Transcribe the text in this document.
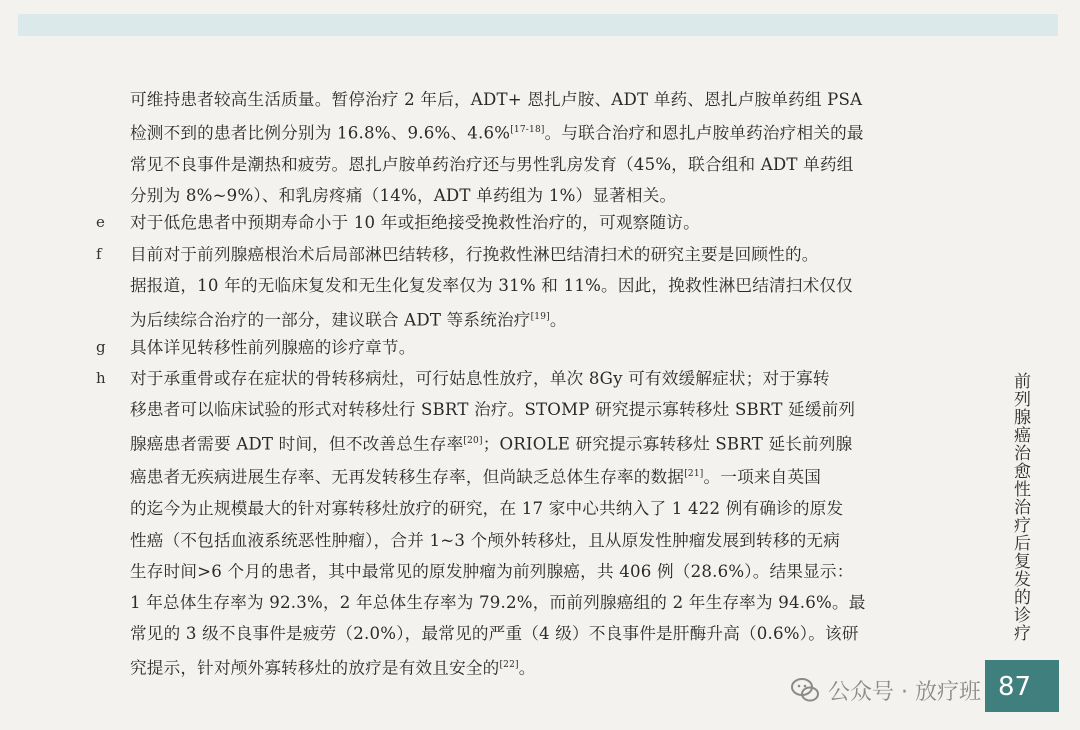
可维持患者较高生活质量。暂停治疗 2 年后，ADT+ 恩扎卢胺、ADT 单药、恩扎卢胺单药组 PSA
检测不到的患者比例分别为 16.8%、9.6%、4.6%[17-18]。与联合治疗和恩扎卢胺单药治疗相关的最
常见不良事件是潮热和疲劳。恩扎卢胺单药治疗还与男性乳房发育（45%，联合组和 ADT 单药组
分别为 8%~9%）、和乳房疼痛（14%，ADT 单药组为 1%）显著相关。
e	对于低危患者中预期寿命小于 10 年或拒绝接受挽救性治疗的，可观察随访。
f	目前对于前列腺癌根治术后局部淋巴结转移，行挽救性淋巴结清扫术的研究主要是回顾性的。
据报道，10 年的无临床复发和无生化复发率仅为 31% 和 11%。因此，挽救性淋巴结清扫术仅仅
为后续综合治疗的一部分，建议联合 ADT 等系统治疗[19]。
g	具体详见转移性前列腺癌的诊疗章节。
h	对于承重骨或存在症状的骨转移病灶，可行姑息性放疗，单次 8Gy 可有效缓解症状；对于寡转
移患者可以临床试验的形式对转移灶行 SBRT 治疗。STOMP 研究提示寡转移灶 SBRT 延缓前列
腺癌患者需要 ADT 时间，但不改善总生存率[20]；ORIOLE 研究提示寡转移灶 SBRT 延长前列腺
癌患者无疾病进展生存率、无再发转移生存率，但尚缺乏总体生存率的数据[21]。一项来自英国
的迄今为止规模最大的针对寡转移灶放疗的研究，在 17 家中心共纳入了 1 422 例有确诊的原发
性癌（不包括血液系统恶性肿瘤），合并 1~3 个颅外转移灶，且从原发性肿瘤发展到转移的无病
生存时间>6 个月的患者，其中最常见的原发肿瘤为前列腺癌，共 406 例（28.6%）。结果显示：
1 年总体生存率为 92.3%，2 年总体生存率为 79.2%，而前列腺癌组的 2 年生存率为 94.6%。最
常见的 3 级不良事件是疲劳（2.0%），最常见的严重（4 级）不良事件是肝酶升高（0.6%）。该研
究提示，针对颅外寡转移灶的放疗是有效且安全的[22]。
前列腺癌治愈性治疗后复发的诊疗
公众号 · 放疗班 87
